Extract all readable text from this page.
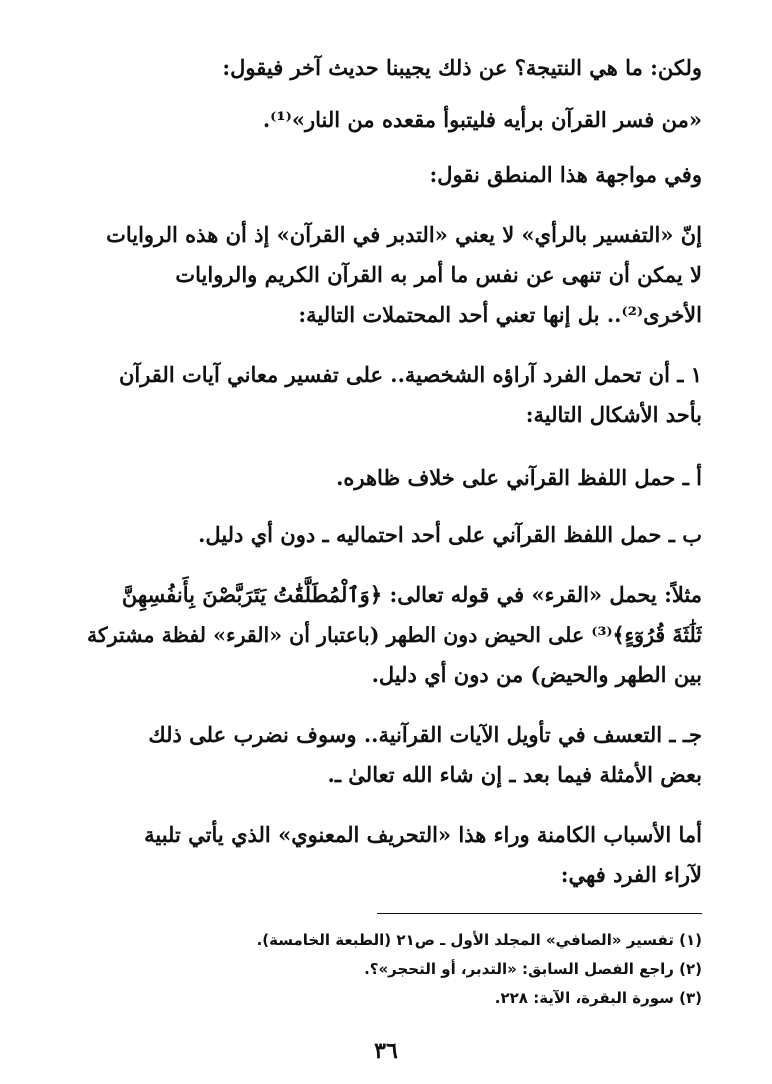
ولكن: ما هي النتيجة؟ عن ذلك يجيبنا حديث آخر فيقول:
«من فسر القرآن برأيه فليتبوأ مقعده من النار»⁽¹⁾.
وفي مواجهة هذا المنطق نقول:
إنّ «التفسير بالرأي» لا يعني «التدبر في القرآن» إذ أن هذه الروايات
لا يمكن أن تنهى عن نفس ما أمر به القرآن الكريم والروايات
الأخرى⁽²⁾.. بل إنها تعني أحد المحتملات التالية:
١ ـ أن تحمل الفرد آراؤه الشخصية.. على تفسير معاني آيات القرآن
بأحد الأشكال التالية:
أ ـ حمل اللفظ القرآني على خلاف ظاهره.
ب ـ حمل اللفظ القرآني على أحد احتماليه ـ دون أي دليل.
مثلاً: يحمل «القرء» في قوله تعالى: ﴿وَٱلْمُطَلَّقَٰتُ يَتَرَبَّصْنَ بِأَنفُسِهِنَّ
ثَلَٰثَةَ قُرُوٓءٍ﴾⁽³⁾ على الحيض دون الطهر (باعتبار أن «القرء» لفظة مشتركة
بين الطهر والحيض) من دون أي دليل.
جـ ـ التعسف في تأويل الآيات القرآنية.. وسوف نضرب على ذلك
بعض الأمثلة فيما بعد ـ إن شاء الله تعالىٰ ـ.
أما الأسباب الكامنة وراء هذا «التحريف المعنوي» الذي يأتي تلبية
لآراء الفرد فهي:
(١) تفسير «الصافي» المجلد الأول ـ ص٢١ (الطبعة الخامسة).
(٢) راجع الفصل السابق: «التدبر، أو التحجر»؟.
(٣) سورة البقرة، الآية: ٢٢٨.
٣٦
